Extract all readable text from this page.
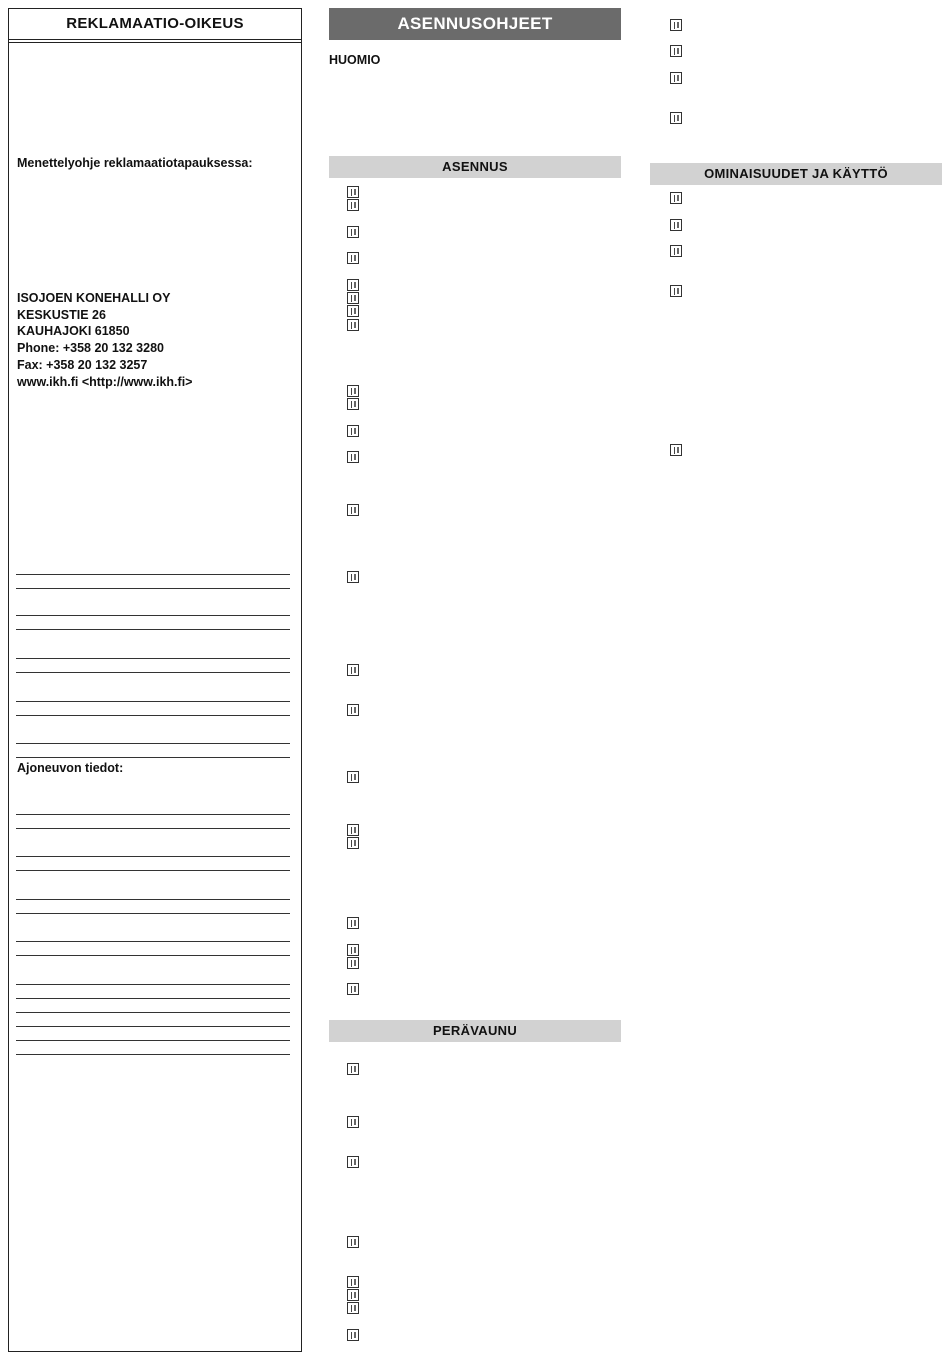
REKLAMAATIO-OIKEUS
Menettelyohje reklamaatiotapauksessa:
ISOJOEN KONEHALLI OY
KESKUSTIE 26
KAUHAJOKI 61850
Phone: +358 20 132 3280
Fax: +358 20 132 3257
www.ikh.fi <http://www.ikh.fi>
Ajoneuvon tiedot:
ASENNUSOHJEET
HUOMIO
ASENNUS
PERÄVAUNU
OMINAISUUDET JA KÄYTTÖ
